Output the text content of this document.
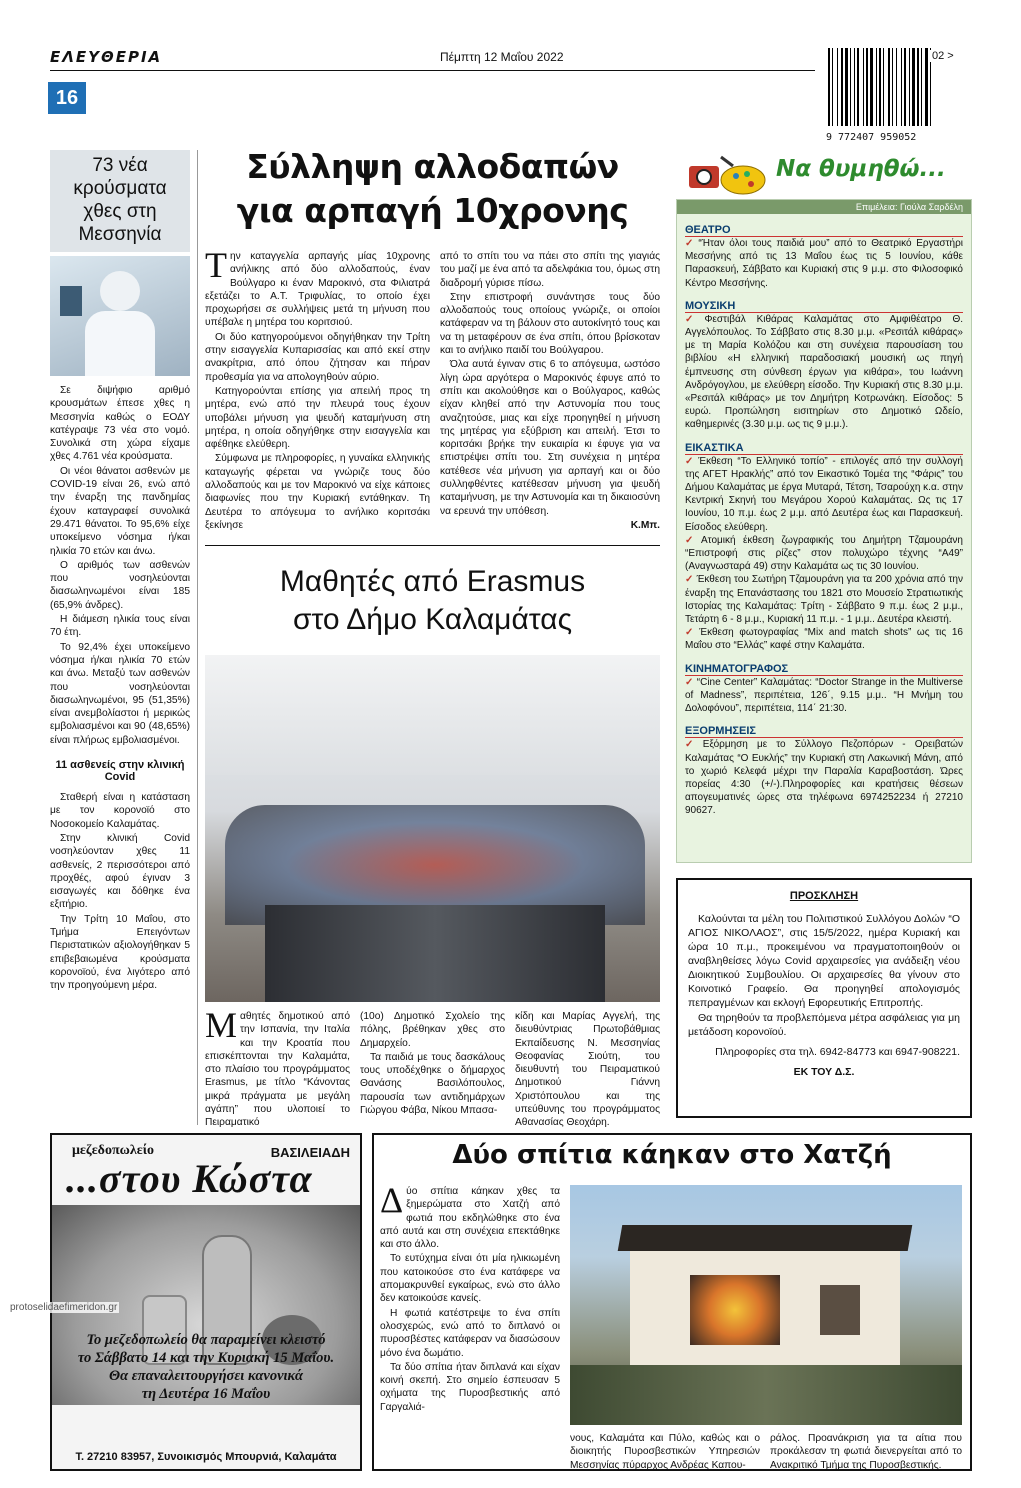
ΕΛΕΥΘΕΡΙΑ	Πέμπτη 12 Μαΐου 2022
16
9 772407 959052
02 >
73 νέα κρούσματα χθες στη Μεσσηνία

Σε διψήφιο αριθμό κρουσμάτων έπεσε χθες η Μεσσηνία καθώς ο ΕΟΔΥ κατέγραψε 73 νέα στο νομό. Συνολικά στη χώρα είχαμε χθες 4.761 νέα κρούσματα.

Οι νέοι θάνατοι ασθενών με COVID-19 είναι 26, ενώ από την έναρξη της πανδημίας έχουν καταγραφεί συνολικά 29.471 θάνατοι. Το 95,6% είχε υποκείμενο νόσημα ή/και ηλικία 70 ετών και άνω.

Ο αριθμός των ασθενών που νοσηλεύονται διασωληνωμένοι είναι 185 (65,9% άνδρες).

Η διάμεση ηλικία τους είναι 70 έτη.

Το 92,4% έχει υποκείμενο νόσημα ή/και ηλικία 70 ετών και άνω. Μεταξύ των ασθενών που νοσηλεύονται διασωληνωμένοι, 95 (51,35%) είναι ανεμβολίαστοι ή μερικώς εμβολιασμένοι και 90 (48,65%) είναι πλήρως εμβολιασμένοι.

11 ασθενείς στην κλινική Covid

Σταθερή είναι η κατάσταση με τον κορονοϊό στο Νοσοκομείο Καλαμάτας.

Στην κλινική Covid νοσηλεύονταν χθες 11 ασθενείς, 2 περισσότεροι από προχθές, αφού έγιναν 3 εισαγωγές και δόθηκε ένα εξιτήριο.

Την Τρίτη 10 Μαΐου, στο Τμήμα Επειγόντων Περιστατικών αξιολογήθηκαν 5 επιβεβαιωμένα κρούσματα κορονοϊού, ένα λιγότερο από την προηγούμενη μέρα.

Σύλληψη αλλοδαπών
για αρπαγή 10χρονης
Τ ην καταγγελία αρπαγής μίας 10χρονης ανήλικης από δύο αλλοδαπούς, έναν Βούλγαρο κι έναν Μαροκινό, στα Φιλιατρά εξετάζει το Α.Τ. Τριφυλίας, το οποίο έχει προχωρήσει σε συλλήψεις μετά τη μήνυση που υπέβαλε η μητέρα του κοριτσιού.

Οι δύο κατηγορούμενοι οδηγήθηκαν την Τρίτη στην εισαγγελία Κυπαρισσίας και από εκεί στην ανακρίτρια, από όπου ζήτησαν και πήραν προθεσμία για να απολογηθούν αύριο.

Κατηγορούνται επίσης για απειλή προς τη μητέρα, ενώ από την πλευρά τους έχουν υποβάλει μήνυση για ψευδή καταμήνυση στη μητέρα, η οποία οδηγήθηκε στην εισαγγελία και αφέθηκε ελεύθερη.

Σύμφωνα με πληροφορίες, η γυναίκα ελληνικής καταγωγής φέρεται να γνώριζε τους δύο αλλοδαπούς και με τον Μαροκινό να είχε κάποιες διαφωνίες που την Κυριακή εντάθηκαν. Τη Δευτέρα το απόγευμα το ανήλικο κοριτσάκι ξεκίνησε

από το σπίτι του να πάει στο σπίτι της γιαγιάς του μαζί με ένα από τα αδελφάκια του, όμως στη διαδρομή γύρισε πίσω.

Στην επιστροφή συνάντησε τους δύο αλλοδαπούς τους οποίους γνώριζε, οι οποίοι κατάφεραν να τη βάλουν στο αυτοκίνητό τους και να τη μεταφέρουν σε ένα σπίτι, όπου βρίσκοταν και το ανήλικο παιδί του Βούλγαρου.

Όλα αυτά έγιναν στις 6 το απόγευμα, ωστόσο λίγη ώρα αργότερα ο Μαροκινός έφυγε από το σπίτι και ακολούθησε και ο Βούλγαρος, καθώς είχαν κληθεί από την Αστυνομία που τους αναζητούσε, μιας και είχε προηγηθεί η μήνυση της μητέρας για εξύβριση και απειλή. Έτσι το κοριτσάκι βρήκε την ευκαιρία κι έφυγε για να επιστρέψει σπίτι του. Στη συνέχεια η μητέρα κατέθεσε νέα μήνυση για αρπαγή και οι δύο συλληφθέντες κατέθεσαν μήνυση για ψευδή καταμήνυση, με την Αστυνομία και τη δικαιοσύνη να ερευνά την υπόθεση.

Κ.Μπ.
Μαθητές από Erasmus
στο Δήμο Καλαμάτας
Μ αθητές δημοτικού από την Ισπανία, την Ιταλία και την Κροατία που επισκέπτονται την Καλαμάτα, στο πλαίσιο του προγράμματος Erasmus, με τίτλο “Κάνοντας μικρά πράγματα με μεγάλη αγάπη” που υλοποιεί το Πειραματικό

(10ο) Δημοτικό Σχολείο της πόλης, βρέθηκαν χθες στο Δημαρχείο.

Τα παιδιά με τους δασκάλους τους υποδέχθηκε ο δήμαρχος Θανάσης Βασιλόπουλος, παρουσία των αντιδημάρχων Γιώργου Φάβα, Νίκου Μπασα-

κίδη και Μαρίας Αγγελή, της διευθύντριας Πρωτοβάθμιας Εκπαίδευσης Ν. Μεσσηνίας Θεοφανίας Σιούτη, του διευθυντή του Πειραματικού Δημοτικού Γιάννη Χριστόπουλου και της υπεύθυνης του προγράμματος Αθανασίας Θεοχάρη.

Να θυμηθώ...
Επιμέλεια: Γιούλα Σαρδέλη
ΘΕΑΤΡΟ
✓ “Ήταν όλοι τους παιδιά μου” από το Θεατρικό Εργαστήρι Μεσσήνης από τις 13 Μαΐου έως τις 5 Ιουνίου, κάθε Παρασκευή, Σάββατο και Κυριακή στις 9 μ.μ. στο Φιλοσοφικό Κέντρο Μεσσήνης.
ΜΟΥΣΙΚΗ
✓ Φεστιβάλ Κιθάρας Καλαμάτας στο Αμφιθέατρο Θ. Αγγελόπουλος. Το Σάββατο στις 8.30 μ.μ. «Ρεσιτάλ κιθάρας» με τη Μαρία Κολόζου και στη συνέχεια παρουσίαση του βιβλίου «Η ελληνική παραδοσιακή μουσική ως πηγή έμπνευσης στη σύνθεση έργων για κιθάρα», του Ιωάννη Ανδρόγογλου, με ελεύθερη είσοδο. Την Κυριακή στις 8.30 μ.μ. «Ρεσιτάλ κιθάρας» με τον Δημήτρη Κοτρωνάκη. Είσοδος: 5 ευρώ. Προπώληση εισιτηρίων στο Δημοτικό Ωδείο, καθημερινές (3.30 μ.μ. ως τις 9 μ.μ.).
ΕΙΚΑΣΤΙΚΑ
✓ Έκθεση “Το Ελληνικό τοπίο” - επιλογές από την συλλογή της ΑΓΕΤ Ηρακλής” από τον Εικαστικό Τομέα της “Φάρις” του Δήμου Καλαμάτας με έργα Μυταρά, Τέτση, Τσαρούχη κ.α. στην Κεντρική Σκηνή του Μεγάρου Χορού Καλαμάτας. Ως τις 17 Ιουνίου, 10 π.μ. έως 2 μ.μ. από Δευτέρα έως και Παρασκευή. Είσοδος ελεύθερη.
✓ Ατομική έκθεση ζωγραφικής του Δημήτρη Τζαμουράνη “Επιστροφή στις ρίζες” στον πολυχώρο τέχνης “Α49” (Αναγνωσταρά 49) στην Καλαμάτα ως τις 30 Ιουνίου.
✓ Έκθεση του Σωτήρη Τζαμουράνη για τα 200 χρόνια από την έναρξη της Επανάστασης του 1821 στο Μουσείο Στρατιωτικής Ιστορίας της Καλαμάτας: Τρίτη - Σάββατο 9 π.μ. έως 2 μ.μ., Τετάρτη 6 - 8 μ.μ., Κυριακή 11 π.μ. - 1 μ.μ.. Δευτέρα κλειστή.
✓ Έκθεση φωτογραφίας “Mix and match shots” ως τις 16 Μαΐου στο “Ελλάς” καφέ στην Καλαμάτα.
ΚΙΝΗΜΑΤΟΓΡΑΦΟΣ
✓ “Cine Center” Καλαμάτας: “Doctor Strange in the Multiverse of Madness”, περιπέτεια, 126΄, 9.15 μ.μ.. “Η Μνήμη του Δολοφόνου”, περιπέτεια, 114΄ 21:30.
ΕΞΟΡΜΗΣΕΙΣ
✓ Εξόρμηση με το Σύλλογο Πεζοπόρων - Ορειβατών Καλαμάτας “Ο Ευκλής” την Κυριακή στη Λακωνική Μάνη, από το χωριό Κελεφά μέχρι την Παραλία Καραβοστάση. Ώρες πορείας 4:30 (+/-).Πληροφορίες και κρατήσεις θέσεων απογευματινές ώρες στα τηλέφωνα 6974252234 ή 27210 90627.
ΠΡΟΣΚΛΗΣΗ

Καλούνται τα μέλη του Πολιτιστικού Συλλόγου Δολών “Ο ΑΓΙΟΣ ΝΙΚΟΛΑΟΣ”, στις 15/5/2022, ημέρα Κυριακή και ώρα 10 π.μ., προκειμένου να πραγματοποιηθούν οι αναβληθείσες λόγω Covid αρχαιρεσίες για ανάδειξη νέου Διοικητικού Συμβουλίου. Οι αρχαιρεσίες θα γίνουν στο Κοινοτικό Γραφείο. Θα προηγηθεί απολογισμός πεπραγμένων και εκλογή Εφορευτικής Επιτροπής.

Θα τηρηθούν τα προβλεπόμενα μέτρα ασφάλειας για μη μετάδοση κορονοϊού.

Πληροφορίες στα τηλ. 6942-84773 και 6947-908221.

ΕΚ ΤΟΥ Δ.Σ.

μεζεδοπωλείο	ΒΑΣΙΛΕΙΑΔΗ
...στου Κώστα
Το μεζεδοπωλείο θα παραμείνει κλειστό
το Σάββατο 14 και την Κυριακή 15 Μαΐου.
Θα επαναλειτουργήσει κανονικά
τη Δευτέρα 16 Μαΐου
Τ. 27210 83957, Συνοικισμός Μπουρνιά, Καλαμάτα
protoselidaefimeridon.gr
Δύο σπίτια κάηκαν στο Χατζή
Δ ύο σπίτια κάηκαν χθες τα ξημερώματα στο Χατζή από φωτιά που εκδηλώθηκε στο ένα από αυτά και στη συνέχεια επεκτάθηκε και στο άλλο.

Το ευτύχημα είναι ότι μία ηλικιωμένη που κατοικούσε στο ένα κατάφερε να απομακρυνθεί εγκαίρως, ενώ στο άλλο δεν κατοικούσε κανείς.

Η φωτιά κατέστρεψε το ένα σπίτι ολοσχερώς, ενώ από το διπλανό οι πυροσβέστες κατάφεραν να διασώσουν μόνο ένα δωμάτιο.

Τα δύο σπίτια ήταν διπλανά και είχαν κοινή σκεπή. Στο σημείο έσπευσαν 5 οχήματα της Πυροσβεστικής από Γαργαλιά-

νους, Καλαμάτα και Πύλο, καθώς και ο διοικητής Πυροσβεστικών Υπηρεσιών Μεσσηνίας πύραρχος Ανδρέας Καπου-

ράλος. Προανάκριση για τα αίτια που προκάλεσαν τη φωτιά διενεργείται από το Ανακριτικό Τμήμα της Πυροσβεστικής.
